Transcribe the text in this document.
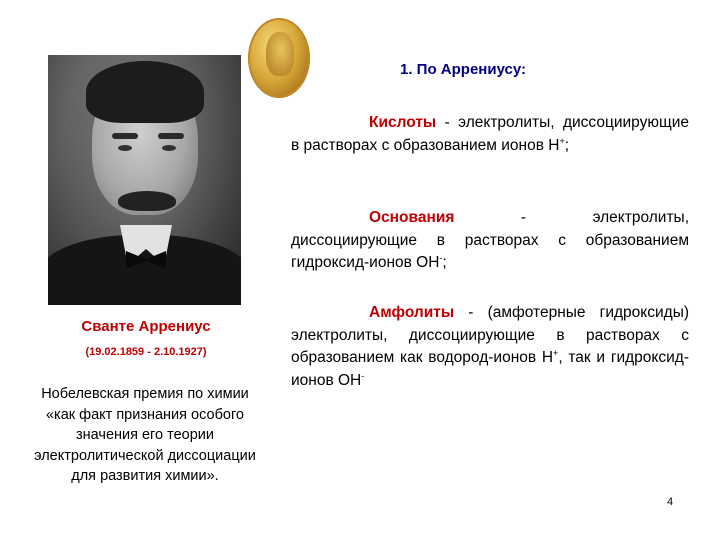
Сванте Аррениус
(19.02.1859 - 2.10.1927)
Нобелевская премия по химии «как факт признания особого значения его теории электролитической диссоциации для развития химии».
1. По Аррениусу:
Кислоты - электролиты, диссоциирующие в растворах с образованием ионов Н+;
Основания - электролиты, диссоциирующие в растворах с образованием гидроксид-ионов ОН-;
Амфолиты - (амфотерные гидроксиды) электролиты, диссоциирующие в растворах с образованием как водород-ионов Н+, так и гидроксид-ионов ОН-
4
